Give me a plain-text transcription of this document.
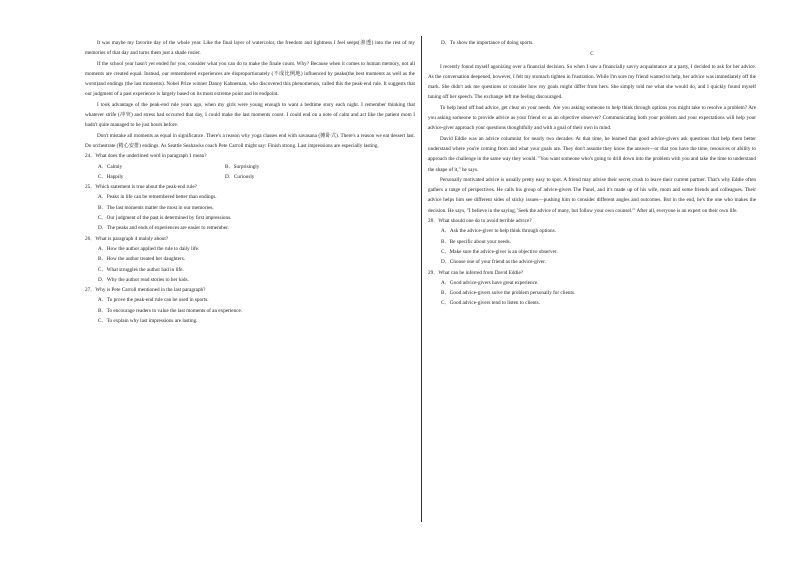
It was maybe my favorite day of the whole year. Like the final layer of watercolor, the freedom and lightness I feel seeps(渗透) into the rest of my memories of that day and turns them just a shade rosier.

If the school year hasn't yet ended for you, consider what you can do to make the finale count. Why? Because when it comes to human memory, not all moments are created equal. Instead, our remembered experiences are disproportionately (不成比例地) influenced by peaks(the best moments as well as the worst)and endings (the last moments). Nobel Prize winner Danny Kahneman, who discovered this phenomenon, called this the peak-end rule. It suggests that our judgment of a past experience is largely based on its most extreme point and its endpoint.

I took advantage of the peak-end rule years ago, when my girls were young enough to want a bedtime story each night. I remember thinking that whatever strife (冲突) and stress had occurred that day, I could make the last moments count. I could end on a note of calm and act like the patient mom I hadn't quite managed to be just hours before.

Don't mistake all moments as equal in significance. There's a reason why yoga classes end with savasana (摊卧式). There's a reason we eat dessert last. Do orchestrate (精心安排) endings. As Seattle Seahawks coach Pete Carroll might say: Finish strong. Last impressions are especially lasting.

24．What does the underlined word in paragraph 1 mean?

A．Calmly	B．Surprisingly
C．Happily	D．Curiously

25．Which statement is true about the peak-end rule?

A．Peaks in life can be remembered better than endings.

B．The last moments matter the most in our memories.

C．Our judgment of the past is determined by first impressions.

D．The peaks and ends of experiences are easier to remember.

26．What is paragraph 4 mainly about?

A．How the author applied the rule to daily life.

B．How the author treated her daughters.

C．What struggles the author had in life.

D．Why the author read stories to her kids.

27．Why is Pete Carroll mentioned in the last paragraph?

A．To prove the peak-end rule can be used in sports.

B．To encourage readers to value the last moments of an experience.

C．To explain why last impressions are lasting.

D．To show the importance of doing sports.

C

I recently found myself agonizing over a financial decision. So when I saw a financially savvy acquaintance at a party, I decided to ask for her advice. As the conversation deepened, however, I felt my stomach tighten in frustration. While I'm sure my friend wanted to help, her advice was immediately off the mark. She didn't ask me questions or consider how my goals might differ from hers. She simply told me what she would do, and I quickly found myself tuning off her speech. The exchange left me feeling discouraged.

To help head off bad advice, get clear on your needs. Are you asking someone to help think through options you might take to resolve a problem? Are you asking someone to provide advice as your friend or as an objective observer? Communicating both your problem and your expectations will help your advice-giver approach your questions thoughtfully and with a goal of their own in mind.

David Eddie was an advice columnist for nearly two decades. At that time, he learned that good advice-givers ask questions that help them better understand where you're coming from and what your goals are. They don't assume they know the answer—or that you have the time, resources or ability to approach the challenge in the same way they would. "You want someone who's going to drill down into the problem with you and take the time to understand the shape of it," he says.

Personally motivated advice is usually pretty easy to spot. A friend may advise their secret crush to leave their current partner. That's why Eddie often gathers a range of perspectives. He calls his group of advice-givers The Panel, and it's made up of his wife, mom and some friends and colleagues. Their advice helps him see different sides of sticky issues—pushing him to consider different angles and outcomes. But in the end, he's the one who makes the decision. He says, "I believe in the saying, 'Seek the advice of many, but follow your own counsel.'" After all, everyone is an expert on their own life.

28．What should one do to avoid terrible advice?

A．Ask the advice-giver to help think through options.

B．Be specific about your needs.

C．Make sure the advice-giver is an objective observer.

D．Choose one of your friend as the advice-giver.

29．What can be inferred from David Eddie?

A．Good advice-givers have great experience.

B．Good advice-givers solve the problem personally for clients.

C．Good advice-givers tend to listen to clients.
